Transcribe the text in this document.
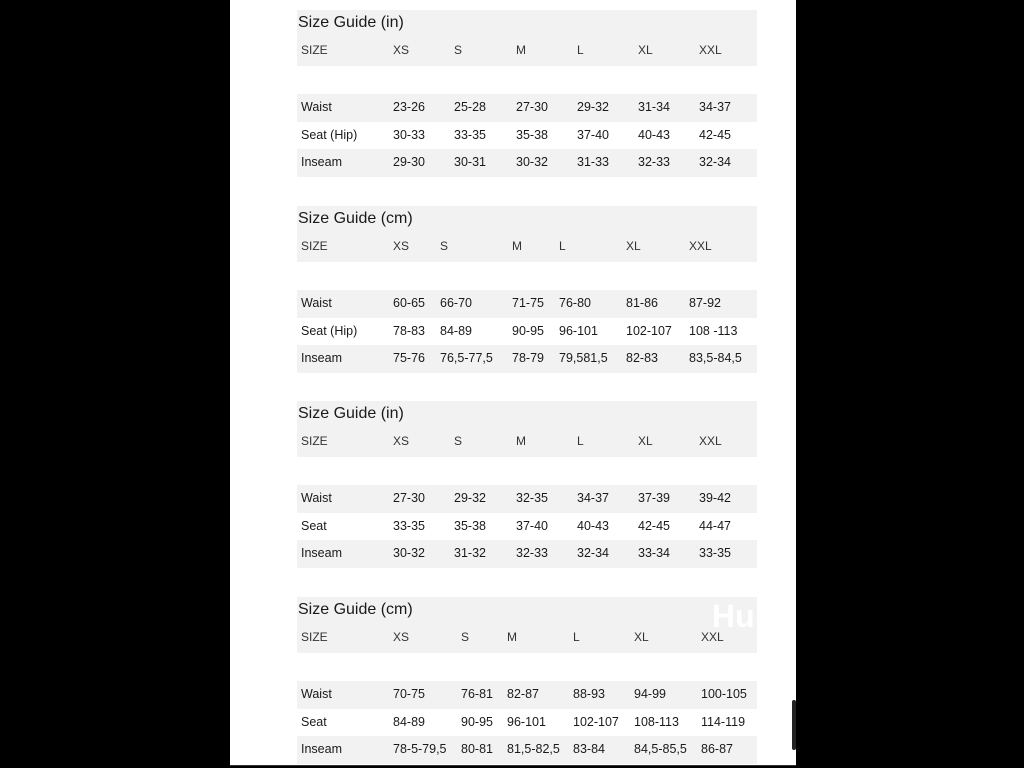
Size Guide (in)
SIZE	XS	S	M	L	XL	XXL
Waist	23-26 25-28 27-30 29-32 31-34 34-37
Seat (Hip)	30-33 33-35 35-38 37-40 40-43 42-45
Inseam	29-30 30-31 30-32 31-33 32-33 32-34
Size Guide (cm)
SIZE	XS	S	M	L	XL	XXL
Waist	60-65 66-70	71-75 76-80	81-86 87-92
Seat (Hip)	78-83 84-89	90-95 96-101 102-107 108 -113
Inseam	75-76 76,5-77,5 78-79 79,581,5 82-83 83,5-84,5
Size Guide (in)
SIZE	XS	S	M	L	XL	XXL
Waist	27-30 29-32 32-35 34-37 37-39 39-42
Seat	33-35 35-38 37-40 40-43 42-45 44-47
Inseam	30-32 31-32 32-33 32-34 33-34 33-35
Size Guide (cm)
SIZE	XS	S	M	L	XL	XXL
Waist	70-75	76-81 82-87	88-93 94-99	100-105
Seat	84-89	90-95 96-101 102-107 108-113 114-119
Inseam	78-5-79,5 80-81 81,5-82,5 83-84 84,5-85,5 86-87
Hu
